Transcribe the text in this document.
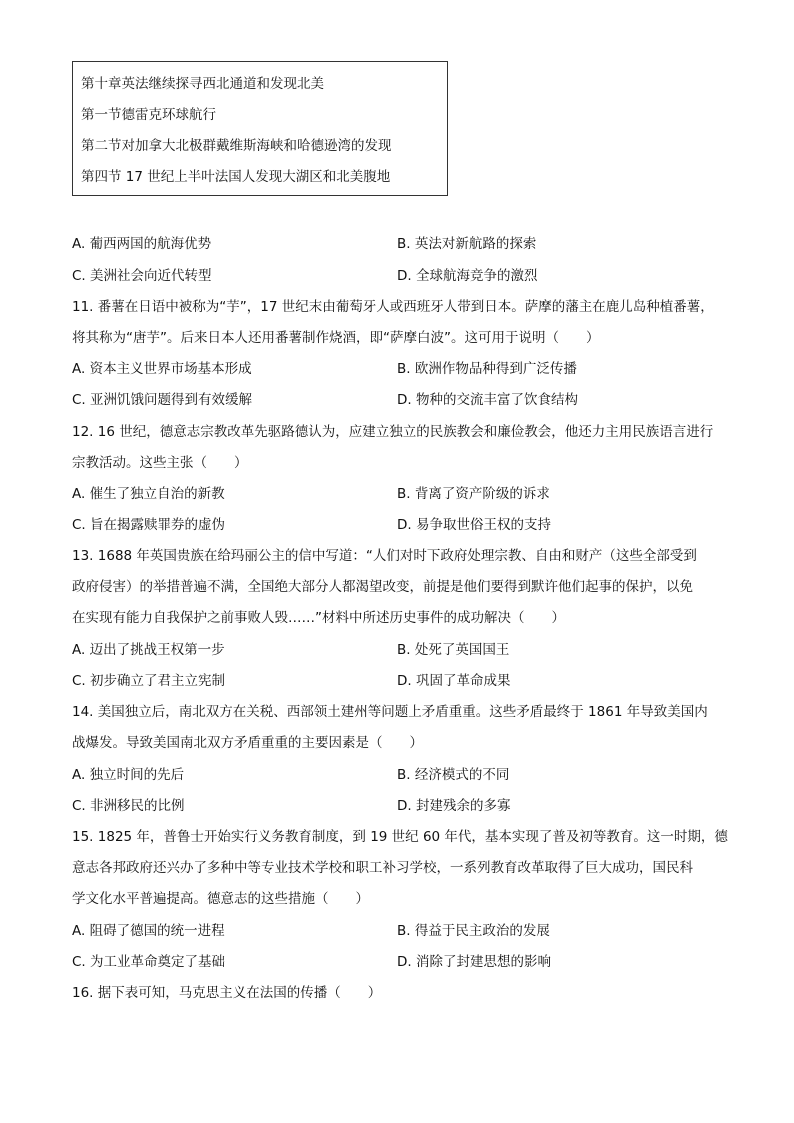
第十章英法继续探寻西北通道和发现北美
第一节德雷克环球航行
第二节对加拿大北极群戴维斯海峡和哈德逊湾的发现
第四节 17 世纪上半叶法国人发现大湖区和北美腹地
A. 葡西两国的航海优势	B. 英法对新航路的探索
C. 美洲社会向近代转型	D. 全球航海竞争的激烈
11. 番薯在日语中被称为“芋”，17 世纪末由葡萄牙人或西班牙人带到日本。萨摩的藩主在鹿儿岛种植番薯，
将其称为“唐芋”。后来日本人还用番薯制作烧酒，即“萨摩白波”。这可用于说明（　　）
A. 资本主义世界市场基本形成	B. 欧洲作物品种得到广泛传播
C. 亚洲饥饿问题得到有效缓解	D. 物种的交流丰富了饮食结构
12. 16 世纪，德意志宗教改革先驱路德认为，应建立独立的民族教会和廉俭教会，他还力主用民族语言进行
宗教活动。这些主张（　　）
A. 催生了独立自治的新教	B. 背离了资产阶级的诉求
C. 旨在揭露赎罪券的虚伪	D. 易争取世俗王权的支持
13. 1688 年英国贵族在给玛丽公主的信中写道：“人们对时下政府处理宗教、自由和财产（这些全部受到
政府侵害）的举措普遍不满，全国绝大部分人都渴望改变，前提是他们要得到默许他们起事的保护，以免
在实现有能力自我保护之前事败人毁……”材料中所述历史事件的成功解决（　　）
A. 迈出了挑战王权第一步	B. 处死了英国国王
C. 初步确立了君主立宪制	D. 巩固了革命成果
14. 美国独立后，南北双方在关税、西部领土建州等问题上矛盾重重。这些矛盾最终于 1861 年导致美国内
战爆发。导致美国南北双方矛盾重重的主要因素是（　　）
A. 独立时间的先后	B. 经济模式的不同
C. 非洲移民的比例	D. 封建残余的多寡
15. 1825 年，普鲁士开始实行义务教育制度，到 19 世纪 60 年代，基本实现了普及初等教育。这一时期，德
意志各邦政府还兴办了多种中等专业技术学校和职工补习学校，一系列教育改革取得了巨大成功，国民科
学文化水平普遍提高。德意志的这些措施（　　）
A. 阻碍了德国的统一进程	B. 得益于民主政治的发展
C. 为工业革命奠定了基础	D. 消除了封建思想的影响
16. 据下表可知，马克思主义在法国的传播（　　）
